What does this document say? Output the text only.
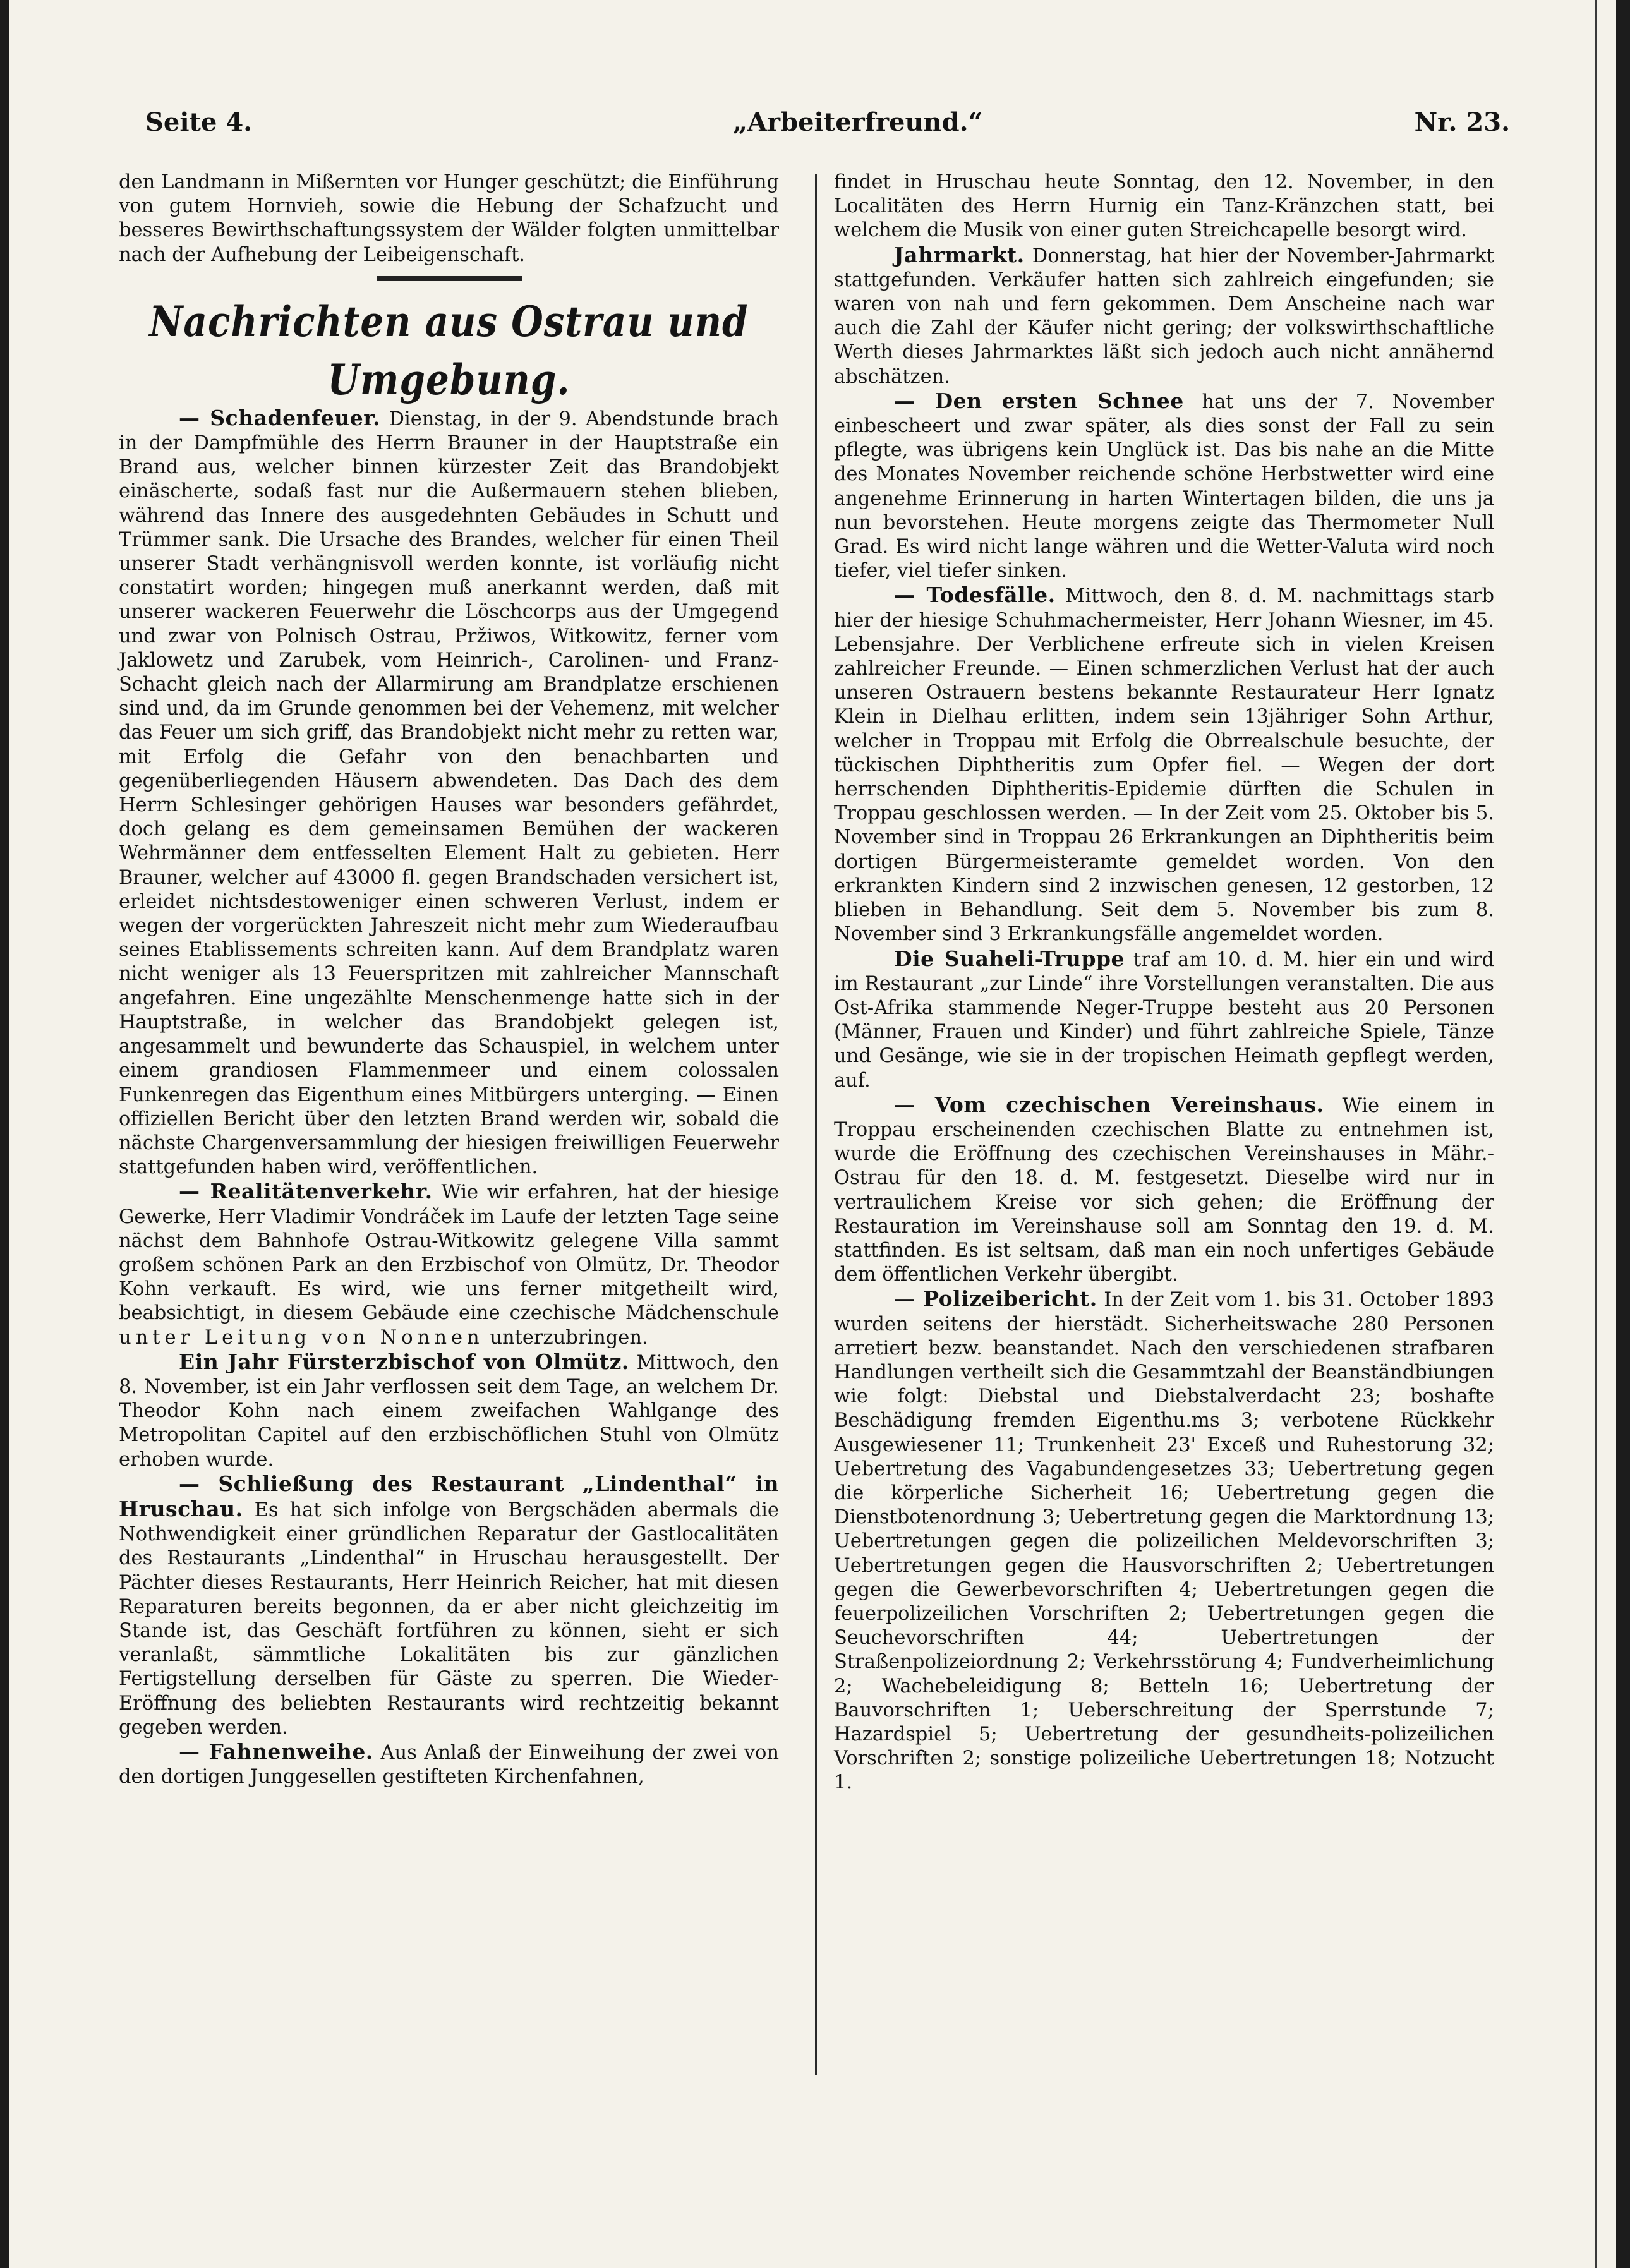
Seite 4.	„Arbeiterfreund.“	Nr. 23.

den Landmann in Mißernten vor Hunger geschützt; die Einführung von gutem Hornvieh, sowie die Hebung der Schafzucht und besseres Bewirthschaftungssystem der Wälder folgten unmittelbar nach der Aufhebung der Leibeigenschaft.

Nachrichten aus Ostrau und Umgebung.

— Schadenfeuer. Dienstag, in der 9. Abendstunde brach in der Dampfmühle des Herrn Brauner in der Hauptstraße ein Brand aus, welcher binnen kürzester Zeit das Brandobjekt einäscherte, sodaß fast nur die Außermauern stehen blieben, während das Innere des ausgedehnten Gebäudes in Schutt und Trümmer sank. Die Ursache des Brandes, welcher für einen Theil unserer Stadt verhängnisvoll werden konnte, ist vorläufig nicht constatirt worden; hingegen muß anerkannt werden, daß mit unserer wackeren Feuerwehr die Löschcorps aus der Umgegend und zwar von Polnisch Ostrau, Pržiwos, Witkowitz, ferner vom Jaklowetz und Zarubek, vom Heinrich-, Carolinen- und Franz-Schacht gleich nach der Allarmirung am Brandplatze erschienen sind und, da im Grunde genommen bei der Vehemenz, mit welcher das Feuer um sich griff, das Brandobjekt nicht mehr zu retten war, mit Erfolg die Gefahr von den benachbarten und gegenüberliegenden Häusern abwendeten. Das Dach des dem Herrn Schlesinger gehörigen Hauses war besonders gefährdet, doch gelang es dem gemeinsamen Bemühen der wackeren Wehrmänner dem entfesselten Element Halt zu gebieten. Herr Brauner, welcher auf 43000 fl. gegen Brandschaden versichert ist, erleidet nichtsdestoweniger einen schweren Verlust, indem er wegen der vorgerückten Jahreszeit nicht mehr zum Wiederaufbau seines Etablissements schreiten kann. Auf dem Brandplatz waren nicht weniger als 13 Feuerspritzen mit zahlreicher Mannschaft angefahren. Eine ungezählte Menschenmenge hatte sich in der Hauptstraße, in welcher das Brandobjekt gelegen ist, angesammelt und bewunderte das Schauspiel, in welchem unter einem grandiosen Flammenmeer und einem colossalen Funkenregen das Eigenthum eines Mitbürgers unterging. — Einen offiziellen Bericht über den letzten Brand werden wir, sobald die nächste Chargenversammlung der hiesigen freiwilligen Feuerwehr stattgefunden haben wird, veröffentlichen.

— Realitätenverkehr. Wie wir erfahren, hat der hiesige Gewerke, Herr Vladimir Vondráček im Laufe der letzten Tage seine nächst dem Bahnhofe Ostrau-Witkowitz gelegene Villa sammt großem schönen Park an den Erzbischof von Olmütz, Dr. Theodor Kohn verkauft. Es wird, wie uns ferner mitgetheilt wird, beabsichtigt, in diesem Gebäude eine czechische Mädchenschule unter Leitung von Nonnen unterzubringen.

Ein Jahr Fürsterzbischof von Olmütz. Mittwoch, den 8. November, ist ein Jahr verflossen seit dem Tage, an welchem Dr. Theodor Kohn nach einem zweifachen Wahlgange des Metropolitan Capitel auf den erzbischöflichen Stuhl von Olmütz erhoben wurde.

— Schließung des Restaurant „Lindenthal“ in Hruschau. Es hat sich infolge von Bergschäden abermals die Nothwendigkeit einer gründlichen Reparatur der Gastlocalitäten des Restaurants „Lindenthal“ in Hruschau herausgestellt. Der Pächter dieses Restaurants, Herr Heinrich Reicher, hat mit diesen Reparaturen bereits begonnen, da er aber nicht gleichzeitig im Stande ist, das Geschäft fortführen zu können, sieht er sich veranlaßt, sämmtliche Lokalitäten bis zur gänzlichen Fertigstellung derselben für Gäste zu sperren. Die Wieder-Eröffnung des beliebten Restaurants wird rechtzeitig bekannt gegeben werden.

— Fahnenweihe. Aus Anlaß der Einweihung der zwei von den dortigen Junggesellen gestifteten Kirchenfahnen,

findet in Hruschau heute Sonntag, den 12. November, in den Localitäten des Herrn Hurnig ein Tanz-Kränzchen statt, bei welchem die Musik von einer guten Streichcapelle besorgt wird.

Jahrmarkt. Donnerstag, hat hier der November-Jahrmarkt stattgefunden. Verkäufer hatten sich zahlreich eingefunden; sie waren von nah und fern gekommen. Dem Anscheine nach war auch die Zahl der Käufer nicht gering; der volkswirthschaftliche Werth dieses Jahrmarktes läßt sich jedoch auch nicht annähernd abschätzen.

— Den ersten Schnee hat uns der 7. November einbescheert und zwar später, als dies sonst der Fall zu sein pflegte, was übrigens kein Unglück ist. Das bis nahe an die Mitte des Monates November reichende schöne Herbstwetter wird eine angenehme Erinnerung in harten Wintertagen bilden, die uns ja nun bevorstehen. Heute morgens zeigte das Thermometer Null Grad. Es wird nicht lange währen und die Wetter-Valuta wird noch tiefer, viel tiefer sinken.

— Todesfälle. Mittwoch, den 8. d. M. nachmittags starb hier der hiesige Schuhmachermeister, Herr Johann Wiesner, im 45. Lebensjahre. Der Verblichene erfreute sich in vielen Kreisen zahlreicher Freunde. — Einen schmerzlichen Verlust hat der auch unseren Ostrauern bestens bekannte Restaurateur Herr Ignatz Klein in Dielhau erlitten, indem sein 13jähriger Sohn Arthur, welcher in Troppau mit Erfolg die Obrrealschule besuchte, der tückischen Diphtheritis zum Opfer fiel. — Wegen der dort herrschenden Diphtheritis-Epidemie dürften die Schulen in Troppau geschlossen werden. — In der Zeit vom 25. Oktober bis 5. November sind in Troppau 26 Erkrankungen an Diphtheritis beim dortigen Bürgermeisteramte gemeldet worden. Von den erkrankten Kindern sind 2 inzwischen genesen, 12 gestorben, 12 blieben in Behandlung. Seit dem 5. November bis zum 8. November sind 3 Erkrankungsfälle angemeldet worden.

Die Suaheli-Truppe traf am 10. d. M. hier ein und wird im Restaurant „zur Linde“ ihre Vorstellungen veranstalten. Die aus Ost-Afrika stammende Neger-Truppe besteht aus 20 Personen (Männer, Frauen und Kinder) und führt zahlreiche Spiele, Tänze und Gesänge, wie sie in der tropischen Heimath gepflegt werden, auf.

— Vom czechischen Vereinshaus. Wie einem in Troppau erscheinenden czechischen Blatte zu entnehmen ist, wurde die Eröffnung des czechischen Vereinshauses in Mähr.-Ostrau für den 18. d. M. festgesetzt. Dieselbe wird nur in vertraulichem Kreise vor sich gehen; die Eröffnung der Restauration im Vereinshause soll am Sonntag den 19. d. M. stattfinden. Es ist seltsam, daß man ein noch unfertiges Gebäude dem öffentlichen Verkehr übergibt.

— Polizeibericht. In der Zeit vom 1. bis 31. October 1893 wurden seitens der hierstädt. Sicherheitswache 280 Personen arretiert bezw. beanstandet. Nach den verschiedenen strafbaren Handlungen vertheilt sich die Gesammtzahl der Beanständbiungen wie folgt: Diebstal und Diebstalverdacht 23; boshafte Beschädigung fremden Eigenthu.ms 3; verbotene Rückkehr Ausgewiesener 11; Trunkenheit 23' Exceß und Ruhestorung 32; Uebertretung des Vagabundengesetzes 33; Uebertretung gegen die körperliche Sicherheit 16; Uebertretung gegen die Dienstbotenordnung 3; Uebertretung gegen die Marktordnung 13; Uebertretungen gegen die polizeilichen Meldevorschriften 3; Uebertretungen gegen die Hausvorschriften 2; Uebertretungen gegen die Gewerbevorschriften 4; Uebertretungen gegen die feuerpolizeilichen Vorschriften 2; Uebertretungen gegen die Seuchevorschriften 44; Uebertretungen der Straßenpolizeiordnung 2; Verkehrsstörung 4; Fundverheimlichung 2; Wachebeleidigung 8; Betteln 16; Uebertretung der Bauvorschriften 1; Ueberschreitung der Sperrstunde 7; Hazardspiel 5; Uebertretung der gesundheits-polizeilichen Vorschriften 2; sonstige polizeiliche Uebertretungen 18; Notzucht 1.
